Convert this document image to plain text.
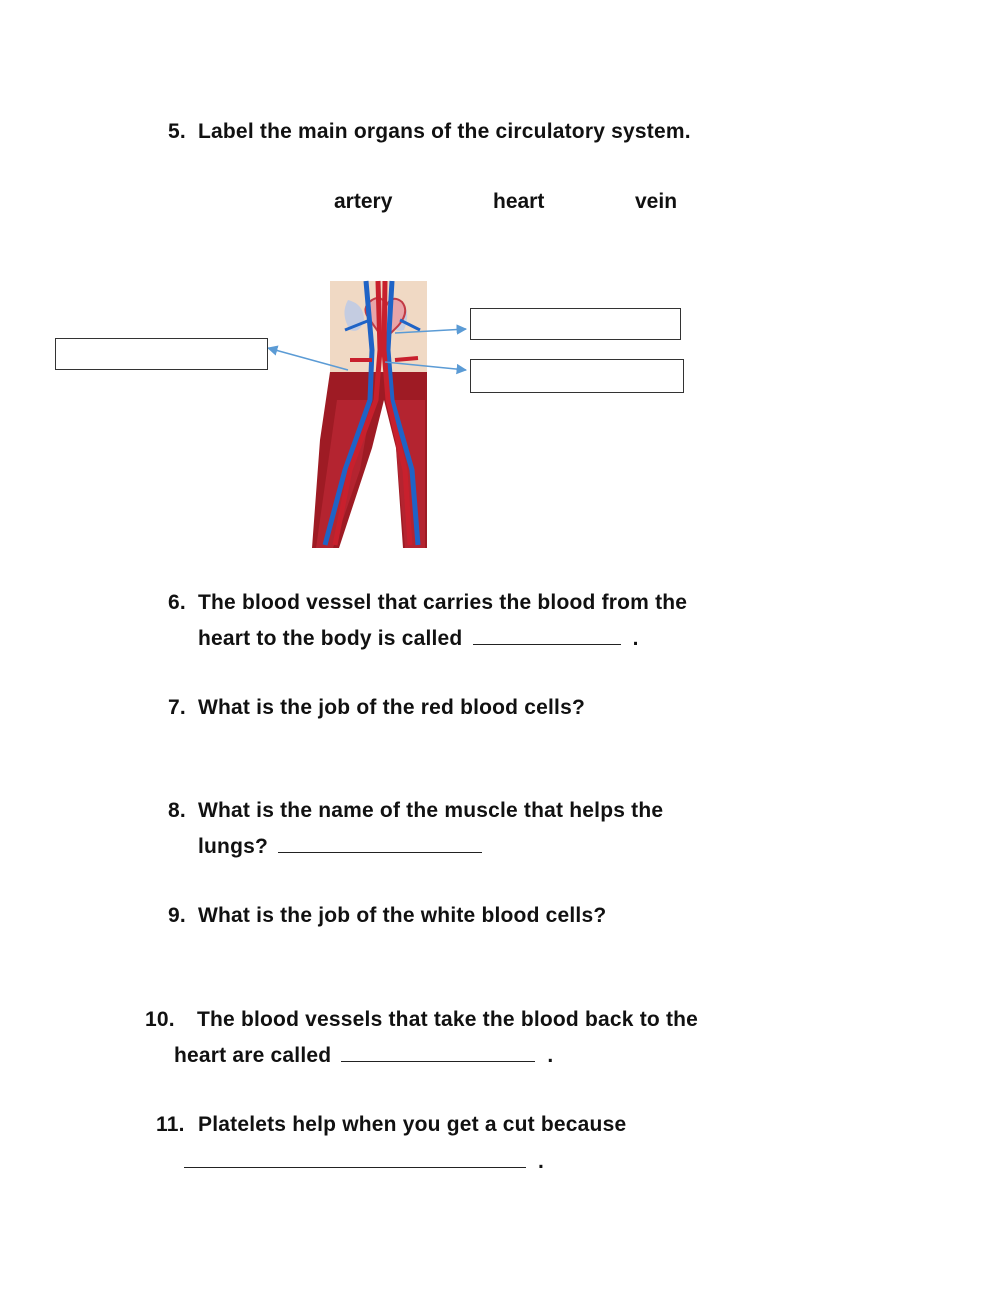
5. Label the main organs of the circulatory system.
artery	heart	vein
6. The blood vessel that carries the blood from the
heart to the body is called	.
7. What is the job of the red blood cells?
8. What is the name of the muscle that helps the
lungs?
9. What is the job of the white blood cells?
10. The blood vessels that take the blood back to the
heart are called	.
11. Platelets help when you get a cut because
.
